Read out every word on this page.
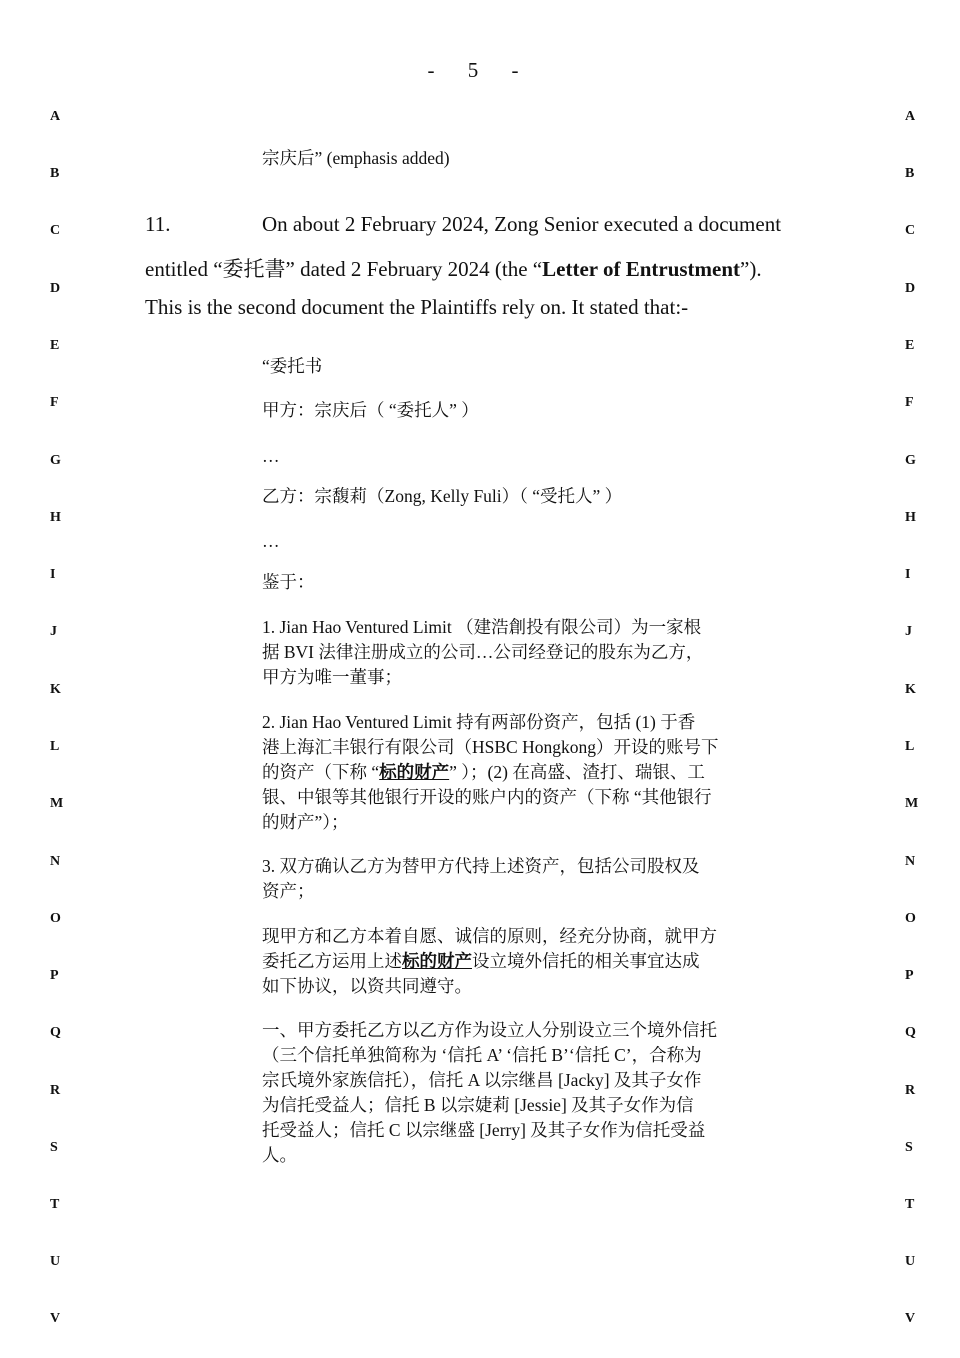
- 5 -
A
B
C
D
E
F
G
H
I
J
K
L
M
N
O
P
Q
R
S
T
U
V
A
B
C
D
E
F
G
H
I
J
K
L
M
N
O
P
Q
R
S
T
U
V
宗庆后” (emphasis added)
11.	On about 2 February 2024, Zong Senior executed a document
entitled “委托書” dated 2 February 2024 (the “Letter of Entrustment”).
This is the second document the Plaintiffs rely on. It stated that:-
“委托书
甲方：宗庆后（ “委托人” ）
…
乙方：宗馥莉（Zong, Kelly Fuli）（ “受托人” ）
…
鉴于：
1. Jian Hao Ventured Limit （建浩創投有限公司）为一家根
据 BVI 法律注册成立的公司…公司经登记的股东为乙方，
甲方为唯一董事；
2. Jian Hao Ventured Limit 持有两部份资产，包括 (1) 于香
港上海汇丰银行有限公司（HSBC Hongkong）开设的账号下
的资产（下称 “标的财产” ）；(2) 在高盛、渣打、瑞银、工
银、中银等其他银行开设的账户内的资产（下称 “其他银行
的财产”）；
3. 双方确认乙方为替甲方代持上述资产，包括公司股权及
资产；
现甲方和乙方本着自愿、诚信的原则，经充分协商，就甲方
委托乙方运用上述标的财产设立境外信托的相关事宜达成
如下协议，以资共同遵守。
一、甲方委托乙方以乙方作为设立人分别设立三个境外信托
（三个信托单独简称为 ‘信托 A’ ‘信托 B’‘信托 C’，合称为
宗氏境外家族信托），信托 A 以宗继昌 [Jacky] 及其子女作
为信托受益人；信托 B 以宗婕莉 [Jessie] 及其子女作为信
托受益人；信托 C 以宗继盛 [Jerry] 及其子女作为信托受益
人。
